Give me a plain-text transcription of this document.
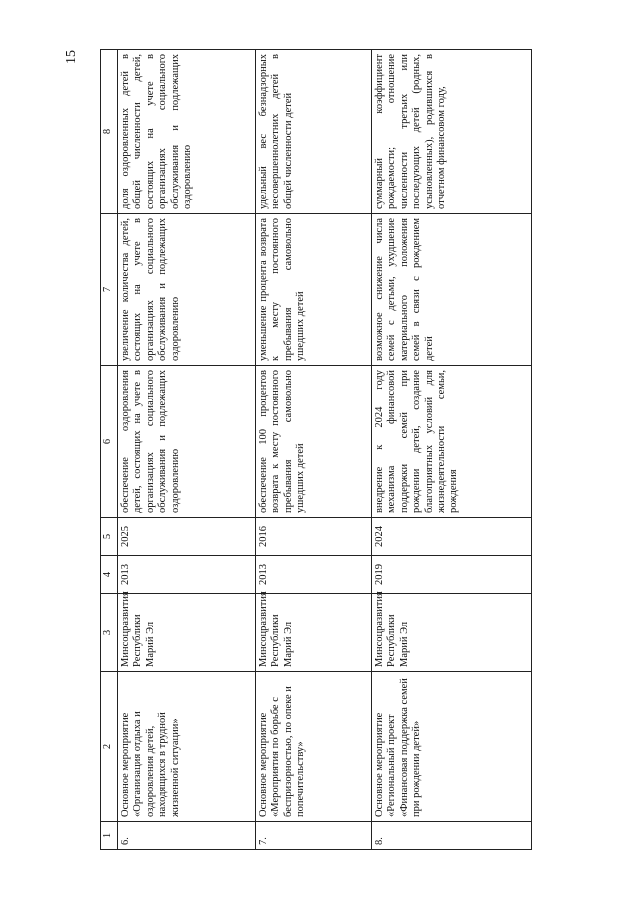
15
1	2	3	4	5	6	7	8
6.	Основное мероприятие «Организация отдыха и оздоровления детей, находящихся в трудной жизненной ситуации»	Минсоцразвития Республики Марий Эл	2013	2025	обеспечение оздоровления детей, состоящих на учете в организациях социального обслуживания и подлежащих оздоровлению	увеличение количества детей, состоящих на учете в организациях социального обслуживания и подлежащих оздоровлению	доля оздоровленных детей в общей численности детей, состоящих на учете в организациях социального обслуживания и подлежащих оздоровлению
7.	Основное мероприятие «Мероприятия по борьбе с беспризорностью, по опеке и попечительству»	Минсоцразвития Республики Марий Эл	2013	2016	обеспечение 100 процентов возврата к месту постоянного пребывания самовольно ушедших детей	уменьшение процента возврата к месту постоянного пребывания самовольно ушедших детей	удельный вес безнадзорных несовершеннолетних детей в общей численности детей
8.	Основное мероприятие «Региональный проект «Финансовая поддержка семей при рождении детей»	Минсоцразвития Республики Марий Эл	2019	2024	внедрение к 2024 году механизма финансовой поддержки семей при рождении детей, создание благоприятных условий для жизнедеятельности семьи, рождения	возможное снижение числа семей с детьми, ухудшение материального положения семей в связи с рождением детей	суммарный коэффициент рождаемости; отношение численности третьих или последующих детей (родных, усыновленных), родившихся в отчетном финансовом году,
